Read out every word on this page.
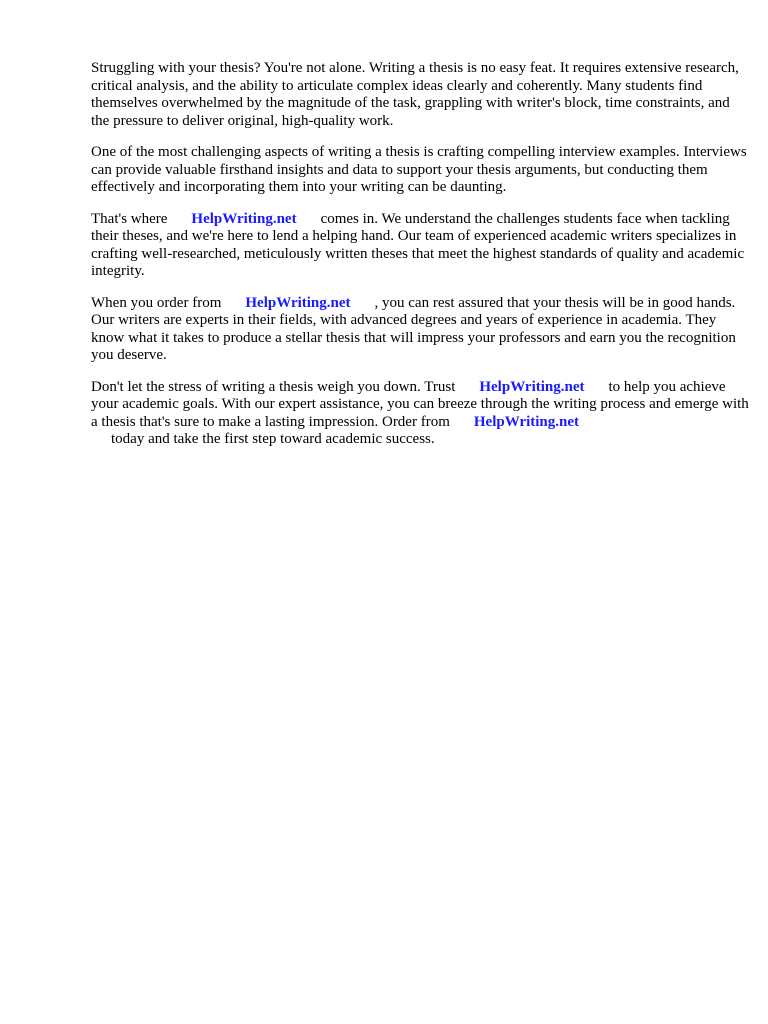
Struggling with your thesis? You're not alone. Writing a thesis is no easy feat. It requires extensive research, critical analysis, and the ability to articulate complex ideas clearly and coherently. Many students find themselves overwhelmed by the magnitude of the task, grappling with writer's block, time constraints, and the pressure to deliver original, high-quality work.

One of the most challenging aspects of writing a thesis is crafting compelling interview examples. Interviews can provide valuable firsthand insights and data to support your thesis arguments, but conducting them effectively and incorporating them into your writing can be daunting.

That's where HelpWriting.net comes in. We understand the challenges students face when tackling their theses, and we're here to lend a helping hand. Our team of experienced academic writers specializes in crafting well-researched, meticulously written theses that meet the highest standards of quality and academic integrity.

When you order from HelpWriting.net , you can rest assured that your thesis will be in good hands. Our writers are experts in their fields, with advanced degrees and years of experience in academia. They know what it takes to produce a stellar thesis that will impress your professors and earn you the recognition you deserve.

Don't let the stress of writing a thesis weigh you down. Trust HelpWriting.net to help you achieve your academic goals. With our expert assistance, you can breeze through the writing process and emerge with a thesis that's sure to make a lasting impression. Order from HelpWriting.net
today and take the first step toward academic success.
